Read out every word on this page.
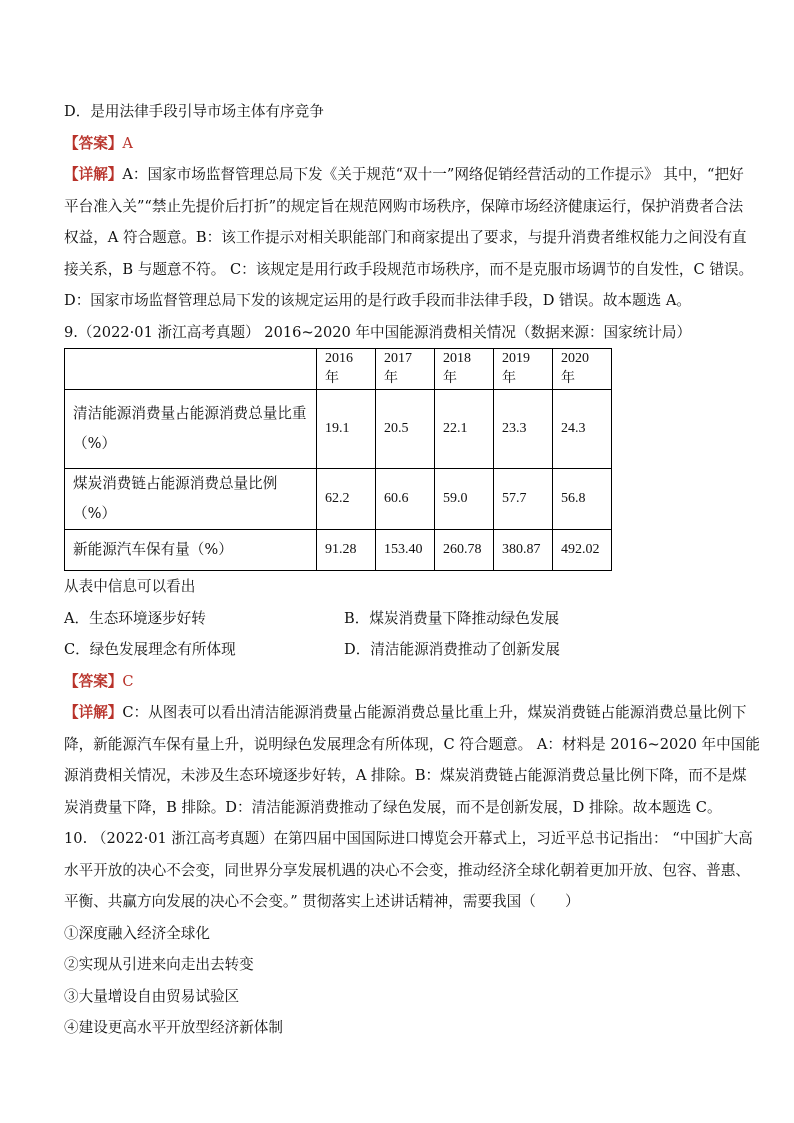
D．是用法律手段引导市场主体有序竞争
【答案】A
【详解】A：国家市场监督管理总局下发《关于规范“双十一”网络促销经营活动的工作提示》 其中，“把好
平台准入关”“禁止先提价后打折”的规定旨在规范网购市场秩序，保障市场经济健康运行，保护消费者合法
权益，A 符合题意。B：该工作提示对相关职能部门和商家提出了要求，与提升消费者维权能力之间没有直
接关系，B 与题意不符。 C：该规定是用行政手段规范市场秩序，而不是克服市场调节的自发性，C 错误。
D：国家市场监督管理总局下发的该规定运用的是行政手段而非法律手段，D 错误。故本题选 A。
9.（2022·01 浙江高考真题） 2016~2020 年中国能源消费相关情况（数据来源：国家统计局）
	2016 年	2017 年	2018 年	2019 年	2020 年

清洁能源消费量占能源消费总量比重
（%）	19.1	20.5	22.1	23.3	24.3
煤炭消费链占能源消费总量比例（%）	62.2	60.6	59.0	57.7	56.8
新能源汽车保有量（%）	91.28	153.40	260.78	380.87	492.02
从表中信息可以看出
A．生态环境逐步好转	B．煤炭消费量下降推动绿色发展
C．绿色发展理念有所体现	D．清洁能源消费推动了创新发展
【答案】C
【详解】C：从图表可以看出清洁能源消费量占能源消费总量比重上升，煤炭消费链占能源消费总量比例下
降，新能源汽车保有量上升，说明绿色发展理念有所体现，C 符合题意。 A：材料是 2016~2020 年中国能
源消费相关情况，未涉及生态环境逐步好转，A 排除。B：煤炭消费链占能源消费总量比例下降，而不是煤
炭消费量下降，B 排除。D：清洁能源消费推动了绿色发展，而不是创新发展，D 排除。故本题选 C。
10. （2022·01 浙江高考真题）在第四届中国国际进口博览会开幕式上，习近平总书记指出： “中国扩大高
水平开放的决心不会变，同世界分享发展机遇的决心不会变，推动经济全球化朝着更加开放、包容、普惠、
平衡、共赢方向发展的决心不会变。” 贯彻落实上述讲话精神，需要我国（　　）
①深度融入经济全球化
②实现从引进来向走出去转变
③大量增设自由贸易试验区
④建设更高水平开放型经济新体制
